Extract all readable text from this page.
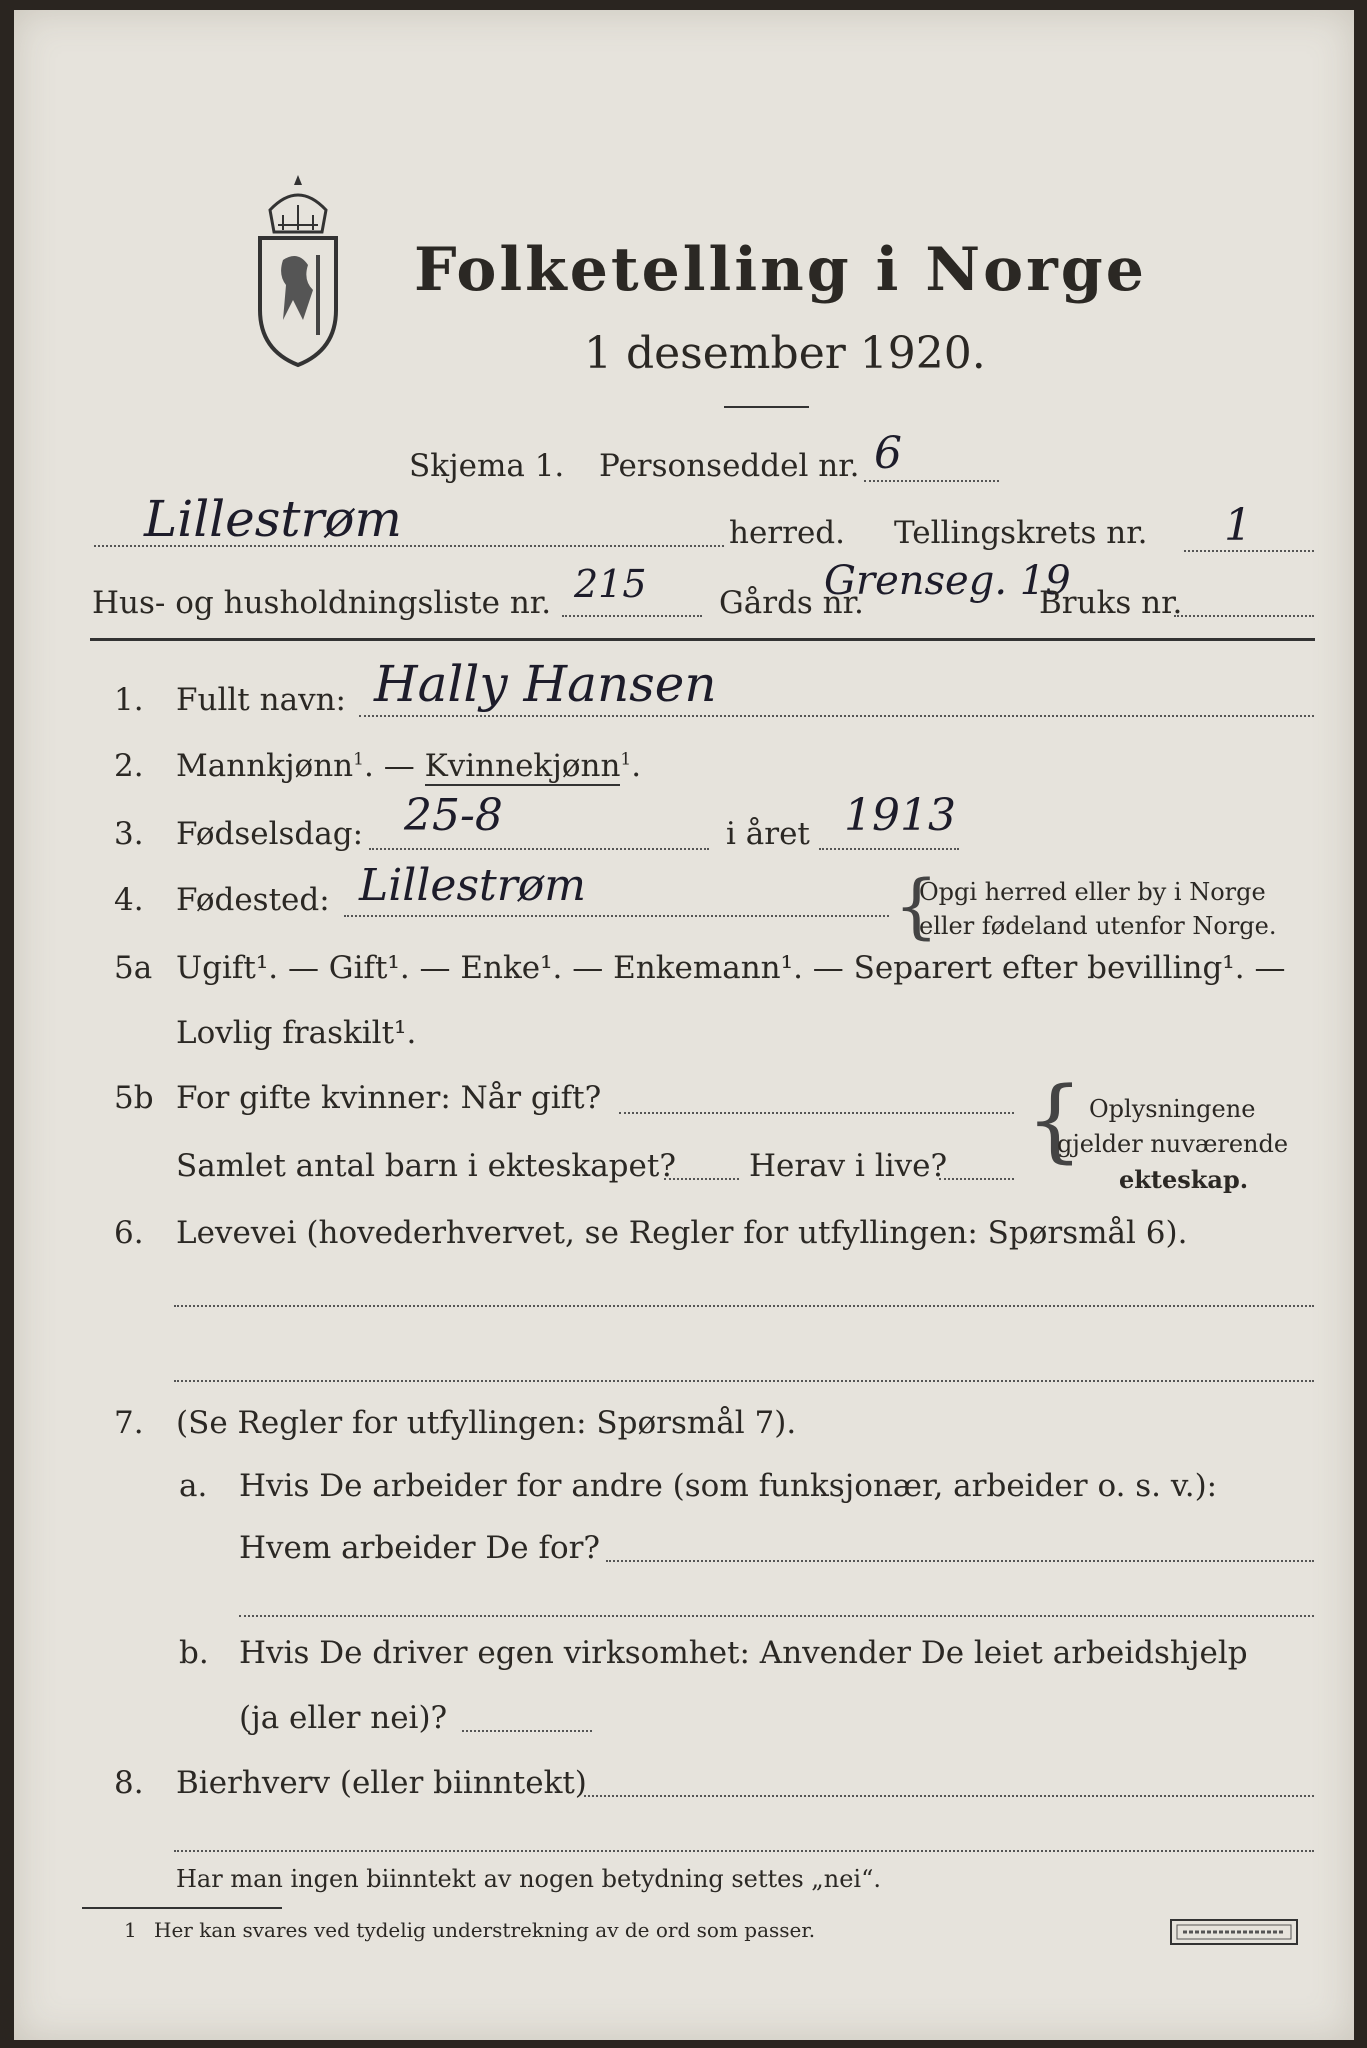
Folketelling i Norge
1 desember 1920.
Skjema 1. Personseddel nr. 6
Lillestrøm	herred. Tellingskrets nr. 1
Hus- og husholdningsliste nr. 215 Gårds nr.
Grenseg. 19
Bruks nr.
1. Fullt navn: Hally Hansen
2. Mannkjønn$^1$. — Kvinnekjønn$^1$.
3. Fødselsdag: 25-8	i året 1913
4. Fødested: Lillestrøm	{
Opgi herred eller by i Norge
eller fødeland utenfor Norge.
5a Ugift¹. — Gift¹. — Enke¹. — Enkemann¹. — Separert efter bevilling¹. —
Lovlig fraskilt¹.
5b For gifte kvinner: Når gift?
Samlet antal barn i ekteskapet? Herav i live? { Oplysningene
gjelder nuværende
ekteskap.
6. Levevei (hovederhvervet, se Regler for utfyllingen: Spørsmål 6).
7. (Se Regler for utfyllingen: Spørsmål 7).
a. Hvis De arbeider for andre (som funksjonær, arbeider o. s. v.):
Hvem arbeider De for?
b. Hvis De driver egen virksomhet: Anvender De leiet arbeidshjelp
(ja eller nei)?
8. Bierhverv (eller biinntekt)
Har man ingen biinntekt av nogen betydning settes „nei“.
1 Her kan svares ved tydelig understrekning av de ord som passer.
